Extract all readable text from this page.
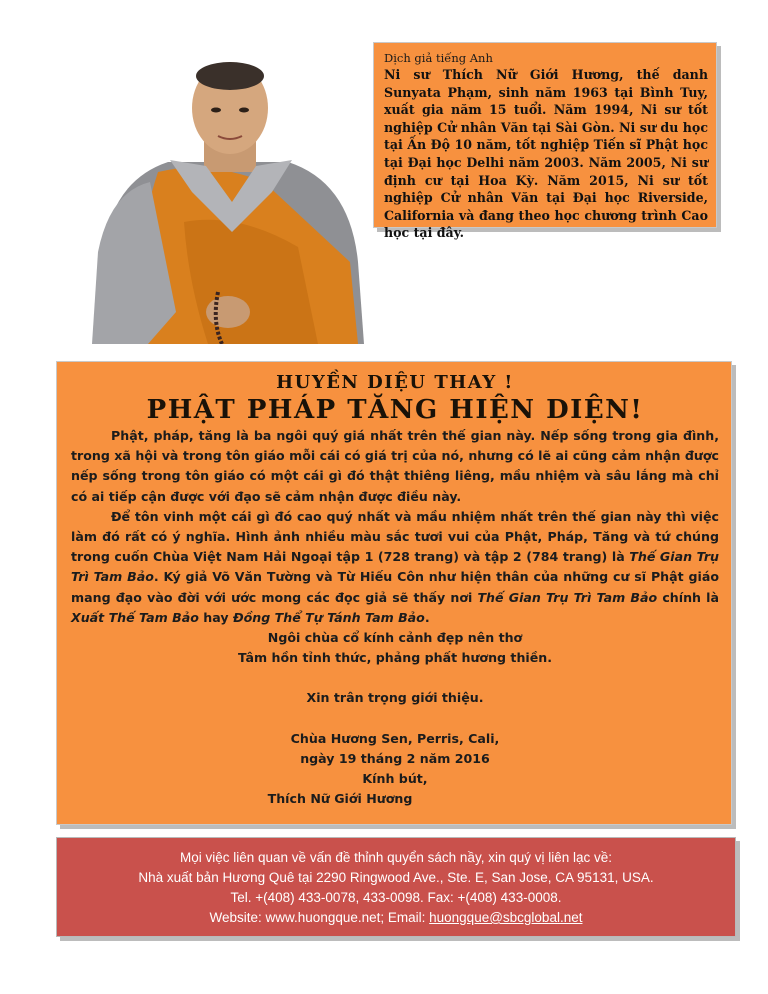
Dịch giả tiếng Anh
Ni sư Thích Nữ Giới Hương, thế danh Sunyata Phạm, sinh năm 1963 tại Bình Tuy, xuất gia năm 15 tuổi. Năm 1994, Ni sư tốt nghiệp Cử nhân Văn tại Sài Gòn. Ni sư du học tại Ấn Độ 10 năm, tốt nghiệp Tiến sĩ Phật học tại Đại học Delhi năm 2003. Năm 2005, Ni sư định cư tại Hoa Kỳ. Năm 2015, Ni sư tốt nghiệp Cử nhân Văn tại Đại học Riverside, California và đang theo học chương trình Cao học tại đây.
HUYỀN DIỆU THAY !
PHẬT PHÁP TĂNG HIỆN DIỆN!

Phật, pháp, tăng là ba ngôi quý giá nhất trên thế gian này. Nếp sống trong gia đình, trong xã hội và trong tôn giáo mỗi cái có giá trị của nó, nhưng có lẽ ai cũng cảm nhận được nếp sống trong tôn giáo có một cái gì đó thật thiêng liêng, mầu nhiệm và sâu lắng mà chỉ có ai tiếp cận được với đạo sẽ cảm nhận được điều này.

Để tôn vinh một cái gì đó cao quý nhất và mầu nhiệm nhất trên thế gian này thì việc làm đó rất có ý nghĩa. Hình ảnh nhiều màu sắc tươi vui của Phật, Pháp, Tăng và tứ chúng trong cuốn Chùa Việt Nam Hải Ngoại tập 1 (728 trang) và tập 2 (784 trang) là Thế Gian Trụ Trì Tam Bảo. Ký giả Võ Văn Tường và Từ Hiếu Côn như hiện thân của những cư sĩ Phật giáo mang đạo vào đời với ước mong các đọc giả sẽ thấy nơi Thế Gian Trụ Trì Tam Bảo chính là Xuất Thế Tam Bảo hay Đồng Thể Tự Tánh Tam Bảo.

Ngôi chùa cổ kính cảnh đẹp nên thơ

Tâm hồn tỉnh thức, phảng phất hương thiền.

Xin trân trọng giới thiệu.

Chùa Hương Sen, Perris, Cali,

ngày 19 tháng 2 năm 2016

Kính bút,

Thích Nữ Giới Hương

Mọi việc liên quan về vấn đề thỉnh quyển sách nầy, xin quý vị liên lạc về:
Nhà xuất bản Hương Quê tại 2290 Ringwood Ave., Ste. E, San Jose, CA 95131, USA.
Tel. +(408) 433-0078, 433-0098. Fax: +(408) 433-0008.
Website: www.huongque.net; Email: huongque@sbcglobal.net
